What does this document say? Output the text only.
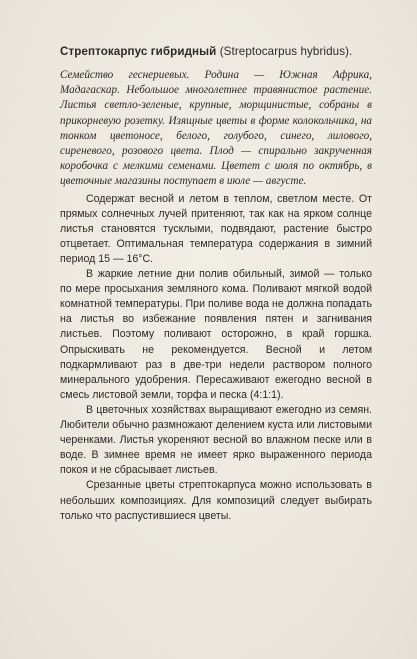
Стрептокарпус гибридный (Streptocarpus hybridus).

Семейство геснериевых. Родина — Южная Африка, Мадагаскар. Небольшое многолетнее травянистое растение. Листья светло-зеленые, крупные, морщинистые, собраны в прикорневую розетку. Изящные цветы в форме колокольчика, на тонком цветоносе, белого, голубого, синего, лилового, сиреневого, розового цвета. Плод — спирально закрученная коробочка с мелкими семенами. Цветет с июля по октябрь, в цветочные магазины поступает в июле — августе.

Содержат весной и летом в теплом, светлом месте. От прямых солнечных лучей притеняют, так как на ярком солнце листья становятся тусклыми, подвядают, растение быстро отцветает. Оптимальная температура содержания в зимний период 15 — 16°С.

В жаркие летние дни полив обильный, зимой — только по мере просыхания земляного кома. Поливают мягкой водой комнатной температуры. При поливе вода не должна попадать на листья во избежание появления пятен и загнивания листьев. Поэтому поливают осторожно, в край горшка. Опрыскивать не рекомендуется. Весной и летом подкармливают раз в две-три недели раствором полного минерального удобрения. Пересаживают ежегодно весной в смесь листовой земли, торфа и песка (4:1:1).

В цветочных хозяйствах выращивают ежегодно из семян. Любители обычно размножают делением куста или листовыми черенками. Листья укореняют весной во влажном песке или в воде. В зимнее время не имеет ярко выраженного периода покоя и не сбрасывает листьев.

Срезанные цветы стрептокарпуса можно использовать в небольших композициях. Для композиций следует выбирать только что распустившиеся цветы.
